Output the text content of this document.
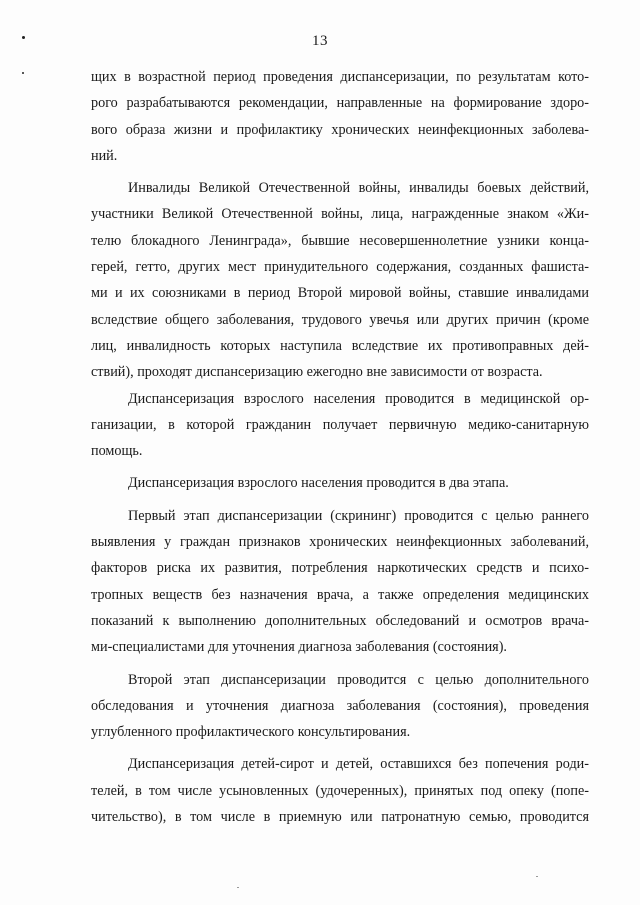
13
щих в возрастной период проведения диспансеризации, по результатам кото-
рого разрабатываются рекомендации, направленные на формирование здоро-
вого образа жизни и профилактику хронических неинфекционных заболева-
ний.
Инвалиды Великой Отечественной войны, инвалиды боевых действий,
участники Великой Отечественной войны, лица, награжденные знаком «Жи-
телю блокадного Ленинграда», бывшие несовершеннолетние узники конца-
герей, гетто, других мест принудительного содержания, созданных фашиста-
ми и их союзниками в период Второй мировой войны, ставшие инвалидами
вследствие общего заболевания, трудового увечья или других причин (кроме
лиц, инвалидность которых наступила вследствие их противоправных дей-
ствий), проходят диспансеризацию ежегодно вне зависимости от возраста.
Диспансеризация взрослого населения проводится в медицинской ор-
ганизации, в которой гражданин получает первичную медико-санитарную
помощь.
Диспансеризация взрослого населения проводится в два этапа.
Первый этап диспансеризации (скрининг) проводится с целью раннего
выявления у граждан признаков хронических неинфекционных заболеваний,
факторов риска их развития, потребления наркотических средств и психо-
тропных веществ без назначения врача, а также определения медицинских
показаний к выполнению дополнительных обследований и осмотров врача-
ми-специалистами для уточнения диагноза заболевания (состояния).
Второй этап диспансеризации проводится с целью дополнительного
обследования и уточнения диагноза заболевания (состояния), проведения
углубленного профилактического консультирования.
Диспансеризация детей-сирот и детей, оставшихся без попечения роди-
телей, в том числе усыновленных (удочеренных), принятых под опеку (попе-
чительство), в том числе в приемную или патронатную семью, проводится
